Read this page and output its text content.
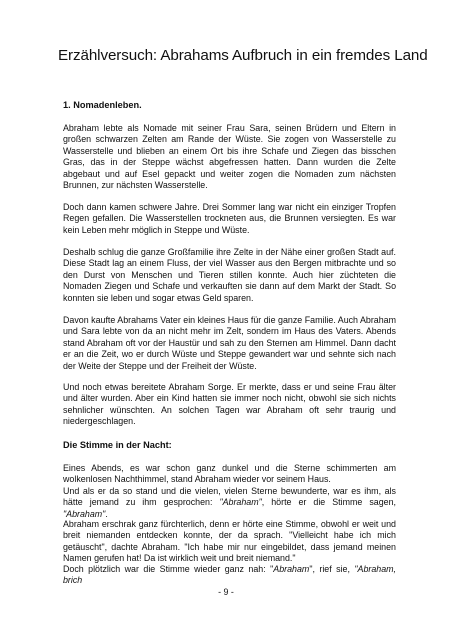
Erzählversuch: Abrahams Aufbruch in ein fremdes Land
1. Nomadenleben.
Abraham lebte als Nomade mit seiner Frau Sara, seinen Brüdern und Eltern in großen schwarzen Zelten am Rande der Wüste. Sie zogen von Wasserstelle zu Wasserstelle und blieben an einem Ort bis ihre Schafe und Ziegen das bisschen Gras, das in der Steppe wächst abgefressen hatten. Dann wurden die Zelte abgebaut und auf Esel gepackt und weiter zogen die Nomaden zum nächsten Brunnen, zur nächsten Wasserstelle.
Doch dann kamen schwere Jahre. Drei Sommer lang war nicht ein einziger Tropfen Regen gefallen. Die Wasserstellen trockneten aus, die Brunnen versiegten. Es war kein Leben mehr möglich in Steppe und Wüste.
Deshalb schlug die ganze Großfamilie ihre Zelte in der Nähe einer großen Stadt auf. Diese Stadt lag an einem Fluss, der viel Wasser aus den Bergen mitbrachte und so den Durst von Menschen und Tieren stillen konnte. Auch hier züchteten die Nomaden Ziegen und Schafe und verkauften sie dann auf dem Markt der Stadt. So konnten sie leben und sogar etwas Geld sparen.
Davon kaufte Abrahams Vater ein kleines Haus für die ganze Familie. Auch Abraham und Sara lebte von da an nicht mehr im Zelt, sondern im Haus des Vaters. Abends stand Abraham oft vor der Haustür und sah zu den Sternen am Himmel. Dann dacht er an die Zeit, wo er durch Wüste und Steppe gewandert war und sehnte sich nach der Weite der Steppe und der Freiheit der Wüste.
Und noch etwas bereitete Abraham Sorge. Er merkte, dass er und seine Frau älter und älter wurden. Aber ein Kind hatten sie immer noch nicht, obwohl sie sich nichts sehnlicher wünschten. An solchen Tagen war Abraham oft sehr traurig und niedergeschlagen.
Die Stimme in der Nacht:
Eines Abends, es war schon ganz dunkel und die Sterne schimmerten am wolkenlosen Nachthimmel, stand Abraham wieder vor seinem Haus.
Und als er da so stand und die vielen, vielen Sterne bewunderte, war es ihm, als hätte jemand zu ihm gesprochen: "Abraham", hörte er die Stimme sagen, "Abraham".
Abraham erschrak ganz fürchterlich, denn er hörte eine Stimme, obwohl er weit und breit niemanden entdecken konnte, der da sprach. "Vielleicht habe ich mich getäuscht", dachte Abraham. "Ich habe mir nur eingebildet, dass jemand meinen Namen gerufen hat! Da ist wirklich weit und breit niemand."
Doch plötzlich war die Stimme wieder ganz nah: "Abraham", rief sie, "Abraham, brich
- 9 -
